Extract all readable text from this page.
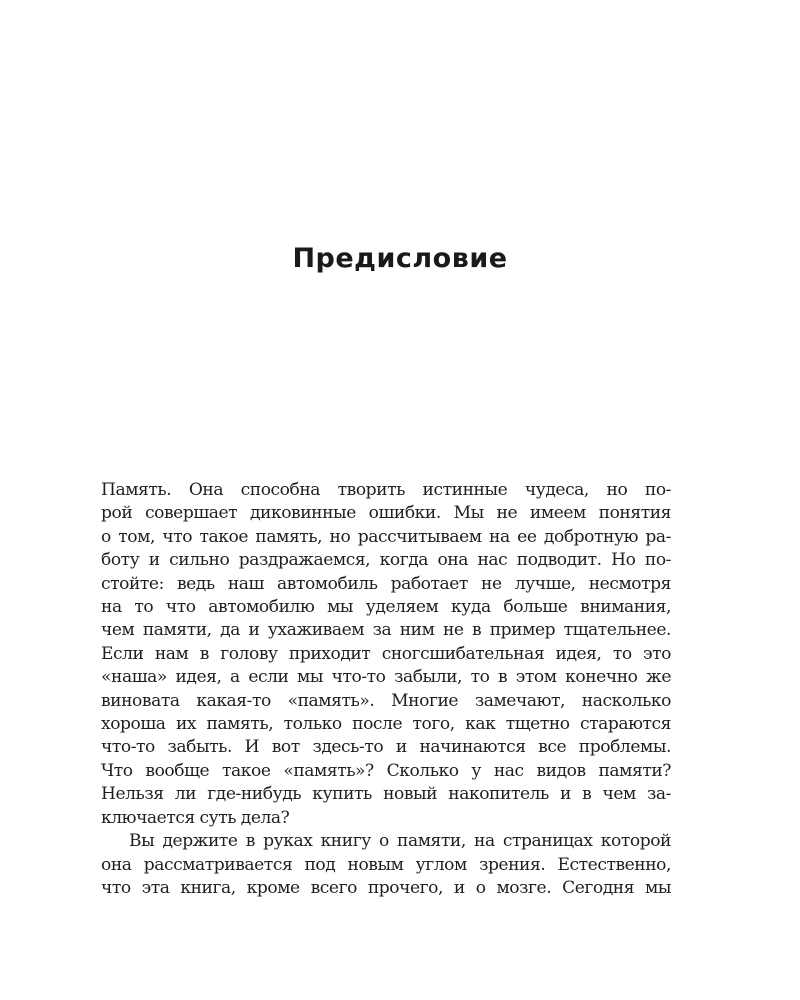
Предисловие

Память. Она способна творить истинные чудеса, но по-
рой совершает диковинные ошибки. Мы не имеем понятия
о том, что такое память, но рассчитываем на ее добротную ра-
боту и сильно раздражаемся, когда она нас подводит. Но по-
стойте: ведь наш автомобиль работает не лучше, несмотря
на то что автомобилю мы уделяем куда больше внимания,
чем памяти, да и ухаживаем за ним не в пример тщательнее.
Если нам в голову приходит сногсшибательная идея, то это
«наша» идея, а если мы что-то забыли, то в этом конечно же
виновата какая-то «память». Многие замечают, насколько
хороша их память, только после того, как тщетно стараются
что-то забыть. И вот здесь-то и начинаются все проблемы.
Что вообще такое «память»? Сколько у нас видов памяти?
Нельзя ли где-нибудь купить новый накопитель и в чем за-
ключается суть дела?

Вы держите в руках книгу о памяти, на страницах которой
она рассматривается под новым углом зрения. Естественно,
что эта книга, кроме всего прочего, и о мозге. Сегодня мы
